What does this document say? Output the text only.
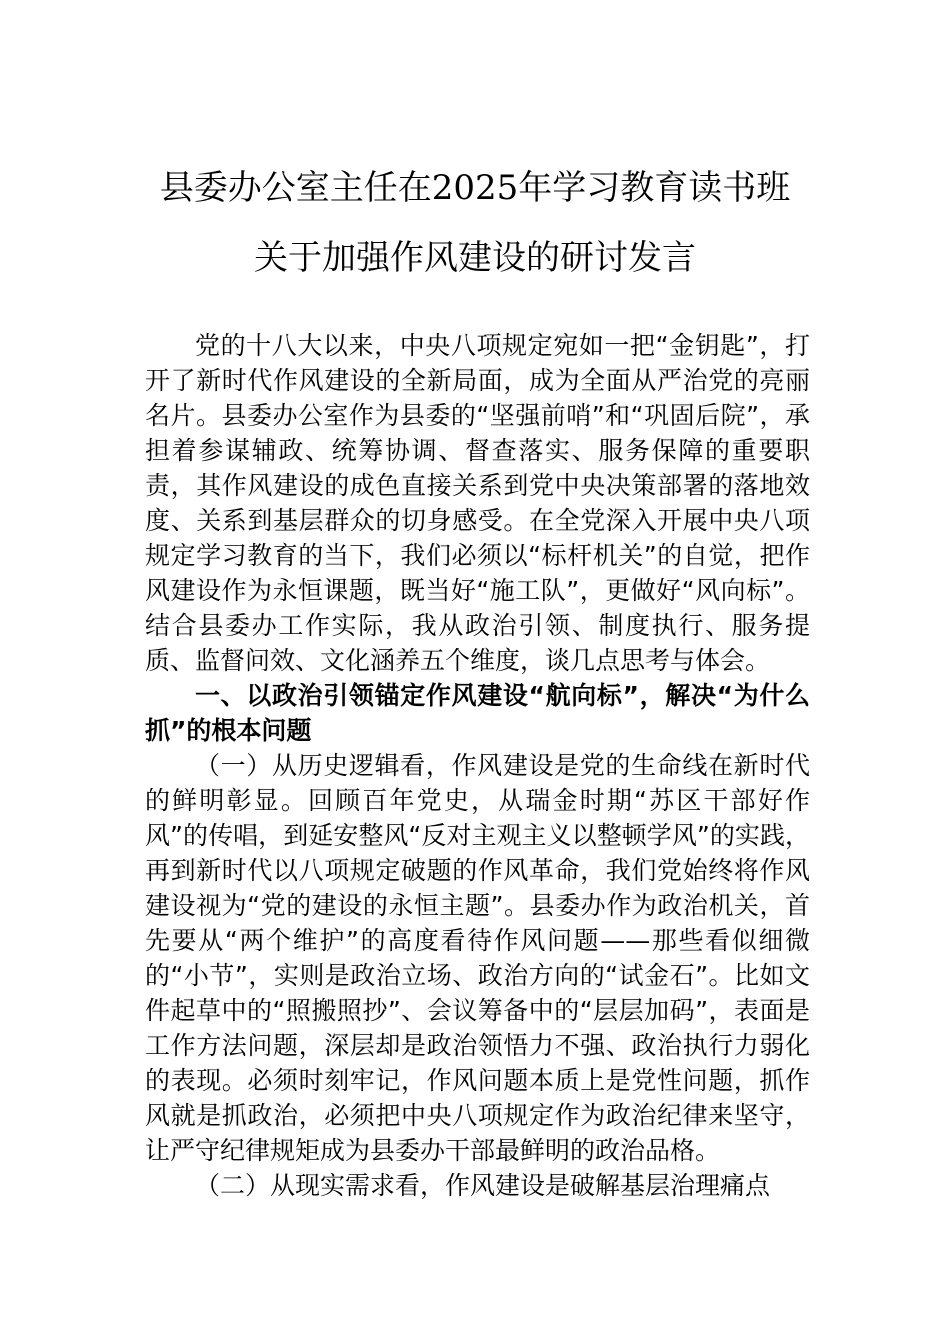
县委办公室主任在2025年学习教育读书班
关于加强作风建设的研讨发言

党的十八大以来，中央八项规定宛如一把“金钥匙”，打开了新时代作风建设的全新局面，成为全面从严治党的亮丽名片。县委办公室作为县委的“坚强前哨”和“巩固后院”，承担着参谋辅政、统筹协调、督查落实、服务保障的重要职责，其作风建设的成色直接关系到党中央决策部署的落地效度、关系到基层群众的切身感受。在全党深入开展中央八项规定学习教育的当下，我们必须以“标杆机关”的自觉，把作风建设作为永恒课题，既当好“施工队”，更做好“风向标”。结合县委办工作实际，我从政治引领、制度执行、服务提质、监督问效、文化涵养五个维度，谈几点思考与体会。

一、以政治引领锚定作风建设“航向标”，解决“为什么抓”的根本问题

（一）从历史逻辑看，作风建设是党的生命线在新时代的鲜明彰显。回顾百年党史，从瑞金时期“苏区干部好作风”的传唱，到延安整风“反对主观主义以整顿学风”的实践，再到新时代以八项规定破题的作风革命，我们党始终将作风建设视为“党的建设的永恒主题”。县委办作为政治机关，首先要从“两个维护”的高度看待作风问题——那些看似细微的“小节”，实则是政治立场、政治方向的“试金石”。比如文件起草中的“照搬照抄”、会议筹备中的“层层加码”，表面是工作方法问题，深层却是政治领悟力不强、政治执行力弱化的表现。必须时刻牢记，作风问题本质上是党性问题，抓作风就是抓政治，必须把中央八项规定作为政治纪律来坚守，让严守纪律规矩成为县委办干部最鲜明的政治品格。

（二）从现实需求看，作风建设是破解基层治理痛点
